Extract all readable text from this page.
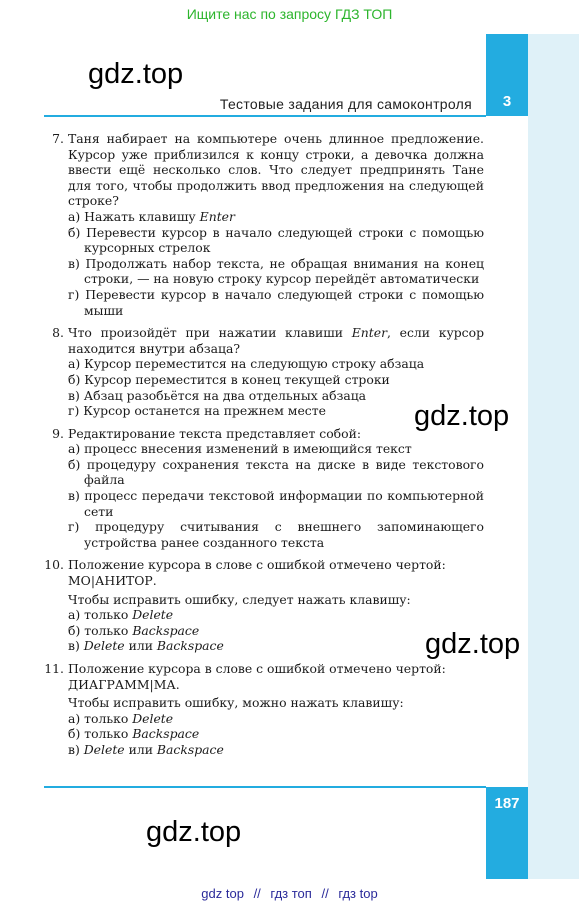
Ищите нас по запросу ГДЗ ТОП
3
187
Тестовые задания для самоконтроля
gdz.top
gdz.top
gdz.top
gdz.top
7. Таня набирает на компьютере очень длинное предложение. Курсор уже приблизился к концу строки, а девочка должна ввести ещё несколько слов. Что следует предпринять Тане для того, чтобы продолжить ввод предложения на следующей строке?

а) Нажать клавишу Enter

б) Перевести курсор в начало следующей строки с помощью курсорных стрелок

в) Продолжать набор текста, не обращая внимания на конец строки, — на новую строку курсор перейдёт автоматически

г) Перевести курсор в начало следующей строки с помощью мыши

8. Что произойдёт при нажатии клавиши Enter, если курсор находится внутри абзаца?

а) Курсор переместится на следующую строку абзаца

б) Курсор переместится в конец текущей строки

в) Абзац разобьётся на два отдельных абзаца

г) Курсор останется на прежнем месте

9. Редактирование текста представляет собой:

а) процесс внесения изменений в имеющийся текст

б) процедуру сохранения текста на диске в виде текстового файла

в) процесс передачи текстовой информации по компьютерной сети

г) процедуру считывания с внешнего запоминающего устройства ранее созданного текста

10. Положение курсора в слове с ошибкой отмечено чертой:

МО|АНИТОР.

Чтобы исправить ошибку, следует нажать клавишу:

а) только Delete

б) только Backspace

в) Delete или Backspace

11. Положение курсора в слове с ошибкой отмечено чертой:

ДИАГРАММ|МА.

Чтобы исправить ошибку, можно нажать клавишу:

а) только Delete

б) только Backspace

в) Delete или Backspace

gdz top // гдз топ // гдз top
